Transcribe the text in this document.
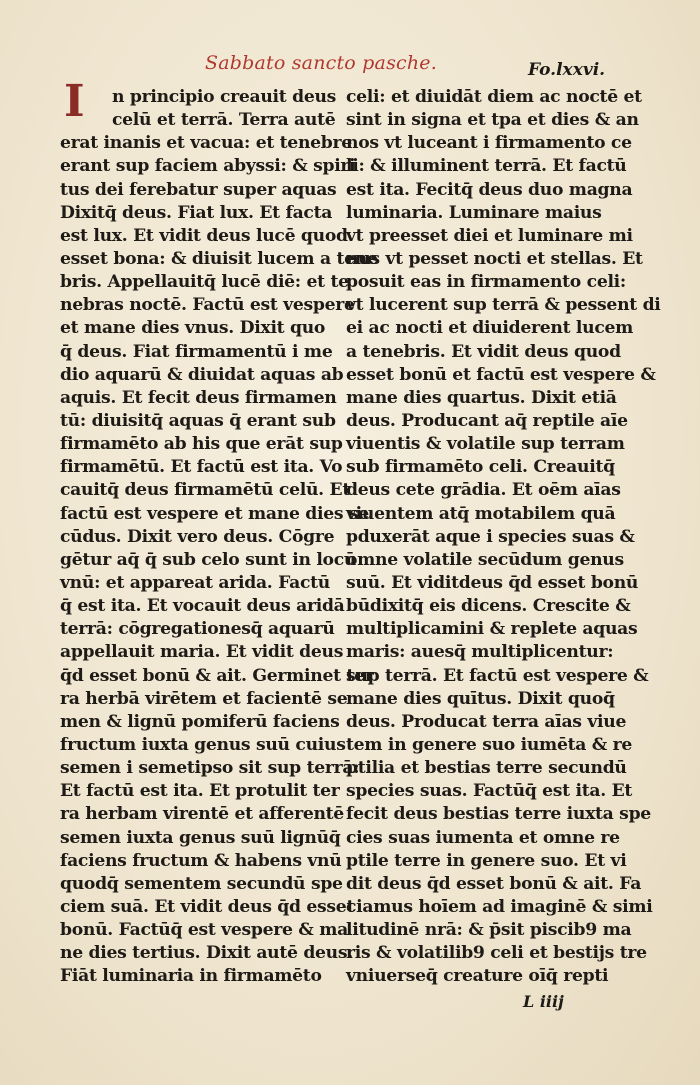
Sabbato sancto pasche.	Fo.lxxvi.
I	n principio creauit deus
celū et terrā. Terra autē
erat inanis et vacua: et tenebre
erant sup faciem abyssi: & spiri
tus dei ferebatur super aquas
Dixitq̄ deus. Fiat lux. Et facta
est lux. Et vidit deus lucē quod
esset bona: & diuisit lucem a tene
bris. Appellauitq̄ lucē diē: et te
nebras noctē. Factū est vespere
et mane dies vnus. Dixit quo
q̄ deus. Fiat firmamentū i me
dio aquarū & diuidat aquas ab
aquis. Et fecit deus firmamen
tū: diuisitq̄ aquas q̄ erant sub
firmamēto ab his que erāt sup
firmamētū. Et factū est ita. Vo
cauitq̄ deus firmamētū celū. Et
factū est vespere et mane dies se
cūdus. Dixit vero deus. Cōgre
gētur aq̄ q̄ sub celo sunt in locū
vnū: et appareat arida. Factū
q̄ est ita. Et vocauit deus aridā
terrā: cōgregationesq̄ aquarū
appellauit maria. Et vidit deus
q̄d esset bonū & ait. Germinet ter
ra herbā virētem et facientē se
men & lignū pomiferū faciens
fructum iuxta genus suū cuius
semen i semetipso sit sup terrā:
Et factū est ita. Et protulit ter
ra herbam virentē et afferentē
semen iuxta genus suū lignūq̄
faciens fructum & habens vnū
quodq̄ sementem secundū spe
ciem suā. Et vidit deus q̄d esset
bonū. Factūq̄ est vespere & ma
ne dies tertius. Dixit autē deus.
Fiāt luminaria in firmamēto
celi: et diuidāt diem ac noctē et
sint in signa et tpa et dies & an
nos vt luceant i firmamento ce
li: & illuminent terrā. Et factū
est ita. Fecitq̄ deus duo magna
luminaria. Luminare maius
vt preesset diei et luminare mi
nus vt pesset nocti et stellas. Et
posuit eas in firmamento celi:
vt lucerent sup terrā & pessent di
ei ac nocti et diuiderent lucem
a tenebris. Et vidit deus quod
esset bonū et factū est vespere &
mane dies quartus. Dixit etiā
deus. Producant aq̄ reptile aīe
viuentis & volatile sup terram
sub firmamēto celi. Creauitq̄
deus cete grādia. Et oēm aīas
viuentem atq̄ motabilem quā
pduxerāt aque i species suas &
omne volatile secūdum genus
suū. Et viditdeus q̄d esset bonū
būdixitq̄ eis dicens. Crescite &
multiplicamini & replete aquas
maris: auesq̄ multiplicentur:
sup terrā. Et factū est vespere &
mane dies quītus. Dixit quoq̄
deus. Producat terra aīas viue
tem in genere suo iumēta & re
ptilia et bestias terre secundū
species suas. Factūq̄ est ita. Et
fecit deus bestias terre iuxta spe
cies suas iumenta et omne re
ptile terre in genere suo. Et vi
dit deus q̄d esset bonū & ait. Fa
ciamus hoīem ad imaginē & simi
litudinē nrā: & p̄sit piscib9 ma
ris & volatilib9 celi et bestijs tre
vniuerseq̄ creature oīq̄ repti
L iiij
